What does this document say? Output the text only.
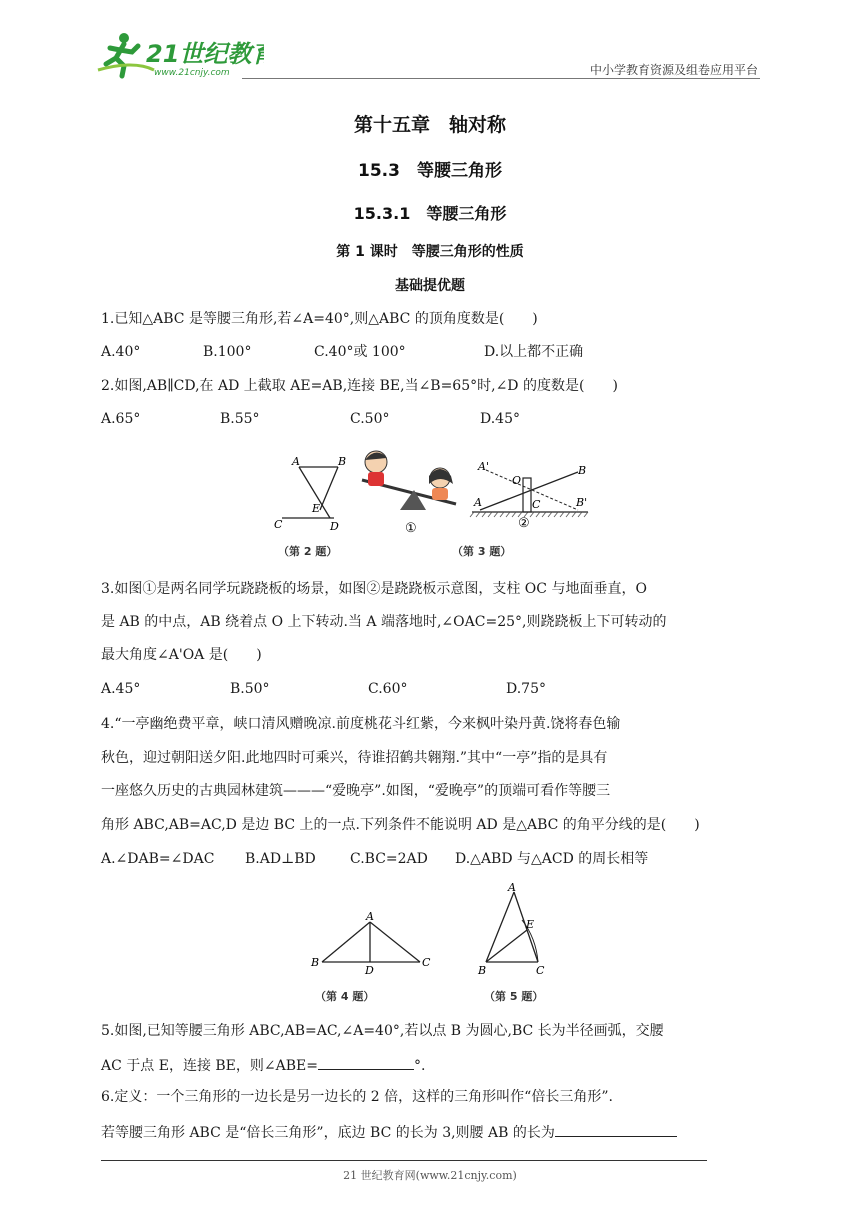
21世纪教育
www.21cnjy.com	中小学教育资源及组卷应用平台
第十五章　轴对称
15.3　等腰三角形
15.3.1　等腰三角形
第 1 课时　等腰三角形的性质
基础提优题
1.已知△ABC 是等腰三角形,若∠A=40°,则△ABC 的顶角度数是(　　)
A.40°	B.100°	C.40°或 100°	D.以上都不正确
2.如图,AB∥CD,在 AD 上截取 AE=AB,连接 BE,当∠B=65°时,∠D 的度数是(　　)
A.65°	B.55°	C.50°	D.45°
A	B
E
C	D
（第 2 题）
①
A'
O
B
A	C	B'
②
（第 3 题）
3.如图①是两名同学玩跷跷板的场景，如图②是跷跷板示意图，支柱 OC 与地面垂直，O
是 AB 的中点，AB 绕着点 O 上下转动.当 A 端落地时,∠OAC=25°,则跷跷板上下可转动的
最大角度∠A'OA 是(　　)
A.45°	B.50°	C.60°	D.75°
4.“一亭幽绝费平章，峡口清风赠晚凉.前度桃花斗红紫，今来枫叶染丹黄.饶将春色输
秋色，迎过朝阳送夕阳.此地四时可乘兴，待谁招鹤共翱翔.”其中“一亭”指的是具有
一座悠久历史的古典园林建筑———“爱晚亭”.如图，“爱晚亭”的顶端可看作等腰三
角形 ABC,AB=AC,D 是边 BC 上的一点.下列条件不能说明 AD 是△ABC 的角平分线的是(　　)
A.∠DAB=∠DAC B.AD⊥BD C.BC=2AD D.△ABD 与△ACD 的周长相等
A
B
D
C
（第 4 题）
A
E
B	C
（第 5 题）
5.如图,已知等腰三角形 ABC,AB=AC,∠A=40°,若以点 B 为圆心,BC 长为半径画弧，交腰
AC 于点 E，连接 BE，则∠ABE=	°.
6.定义：一个三角形的一边长是另一边长的 2 倍，这样的三角形叫作“倍长三角形”.
若等腰三角形 ABC 是“倍长三角形”，底边 BC 的长为 3,则腰 AB 的长为
21 世纪教育网(www.21cnjy.com)
